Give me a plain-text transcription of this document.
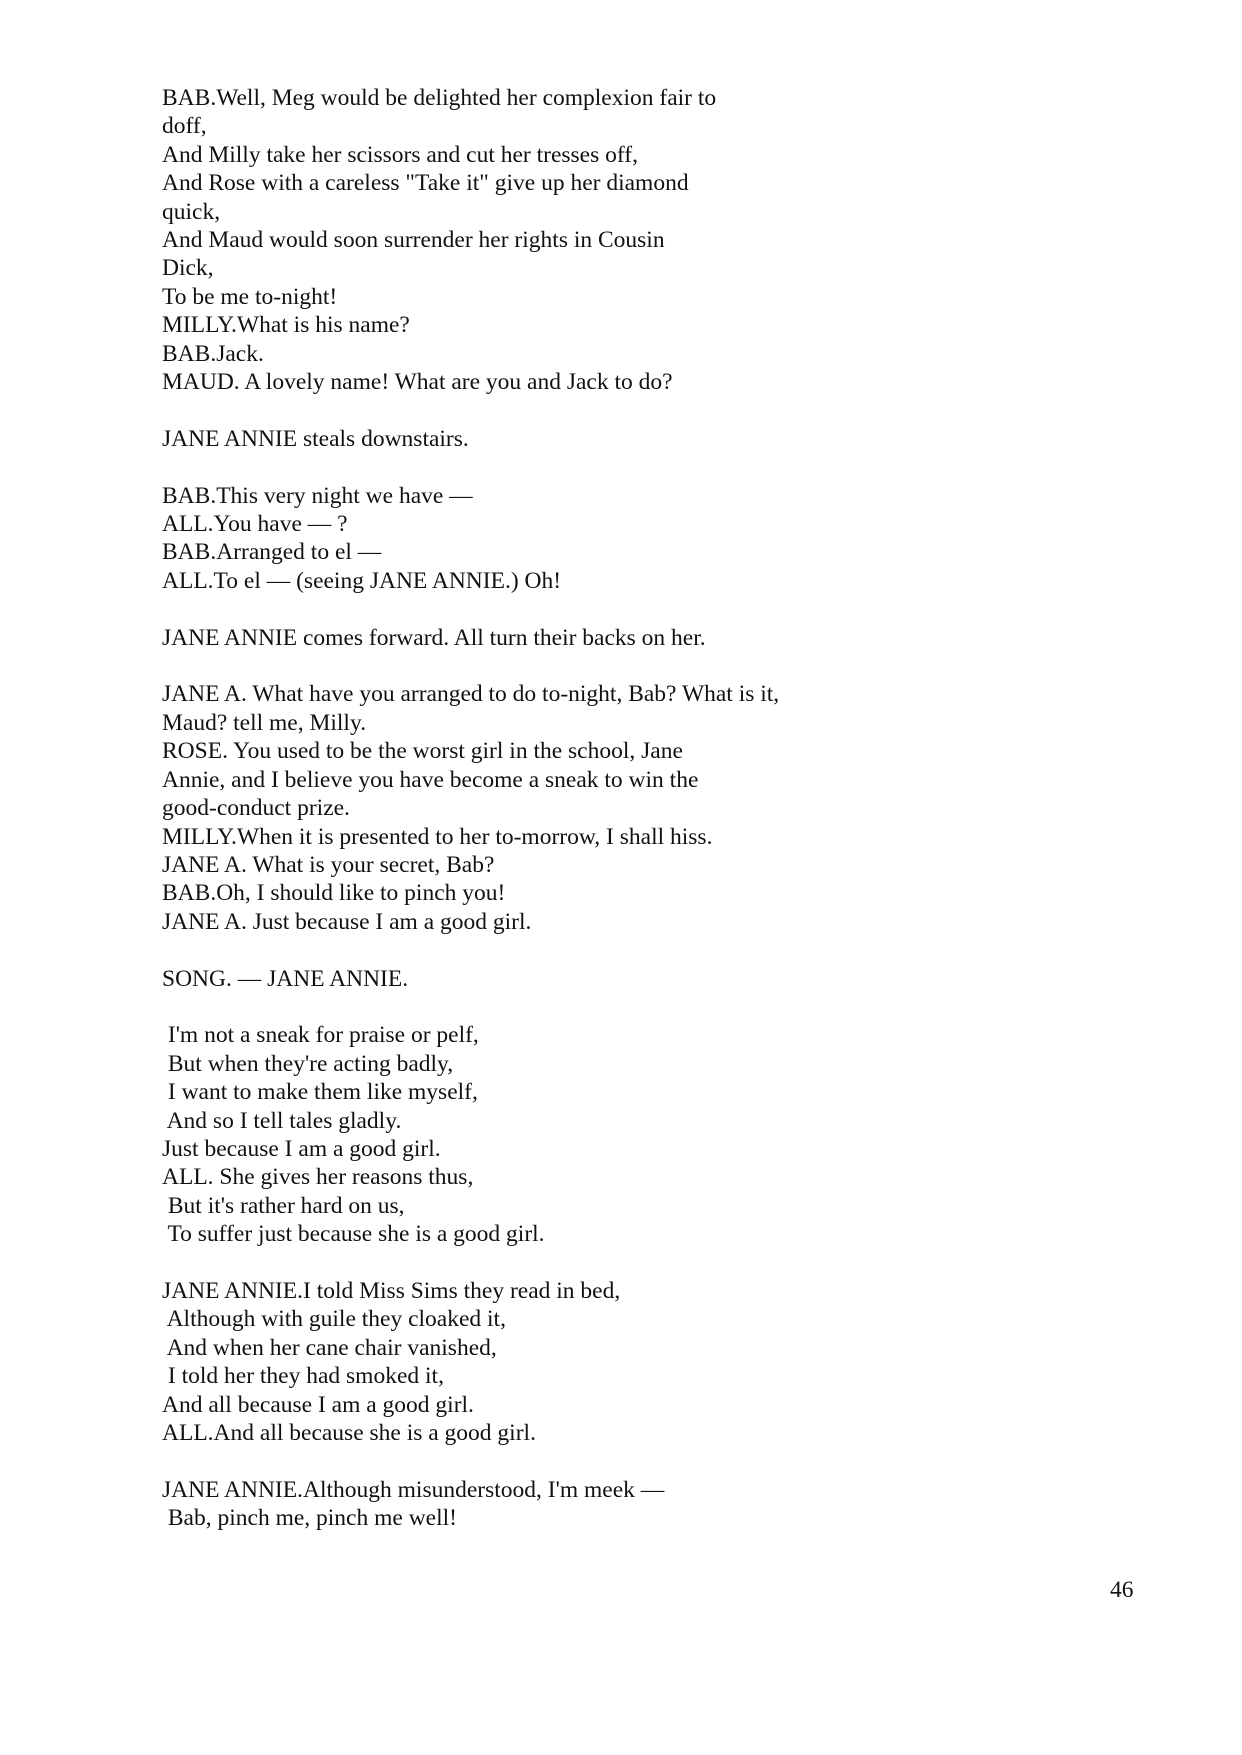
BAB.Well, Meg would be delighted her complexion fair to
doff,
And Milly take her scissors and cut her tresses off,
And Rose with a careless "Take it" give up her diamond
quick,
And Maud would soon surrender her rights in Cousin
Dick,
To be me to-night!
MILLY.What is his name?
BAB.Jack.
MAUD. A lovely name! What are you and Jack to do?
JANE ANNIE steals downstairs.
BAB.This very night we have —
ALL.You have — ?
BAB.Arranged to el —
ALL.To el — (seeing JANE ANNIE.) Oh!
JANE ANNIE comes forward. All turn their backs on her.
JANE A. What have you arranged to do to-night, Bab? What is it,
Maud? tell me, Milly.
ROSE. You used to be the worst girl in the school, Jane
Annie, and I believe you have become a sneak to win the
good-conduct prize.
MILLY.When it is presented to her to-morrow, I shall hiss.
JANE A. What is your secret, Bab?
BAB.Oh, I should like to pinch you!
JANE A. Just because I am a good girl.
SONG. — JANE ANNIE.
I'm not a sneak for praise or pelf,
But when they're acting badly,
I want to make them like myself,
And so I tell tales gladly.
Just because I am a good girl.
ALL. She gives her reasons thus,
But it's rather hard on us,
To suffer just because she is a good girl.
JANE ANNIE.I told Miss Sims they read in bed,
Although with guile they cloaked it,
And when her cane chair vanished,
I told her they had smoked it,
And all because I am a good girl.
ALL.And all because she is a good girl.
JANE ANNIE.Although misunderstood, I'm meek —
Bab, pinch me, pinch me well!
46
